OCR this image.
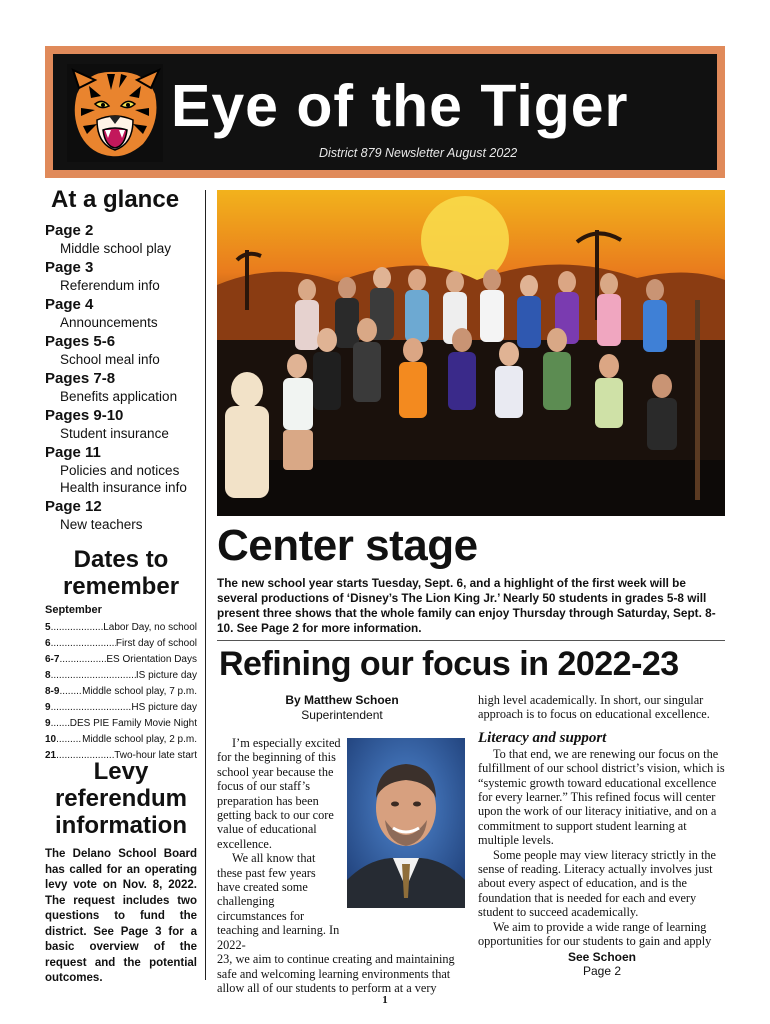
Eye of the Tiger
District 879 Newsletter August 2022
At a glance
Page 2
Middle school play
Page 3
Referendum info
Page 4
Announcements
Pages 5-6
School meal info
Pages 7-8
Benefits application
Pages 9-10
Student insurance
Page 11
Policies and notices
Health insurance info
Page 12
New teachers
Dates to
remember
September
5 .....	Labor Day, no school
6 .....	First day of school
6-7 .....	ES Orientation Days
8 .....	IS picture day
8-9 ..... Middle school play, 7 p.m.
9 .....	HS picture day
9 ..... DES PIE Family Movie Night
10 .....	Middle school play, 2 p.m.
21 .....	Two-hour late start
Levy
referendum
information
The Delano School Board has called for an operating levy vote on Nov. 8, 2022. The request includes two questions to fund the district. See Page 3 for a basic overview of the request and the potential outcomes.
Center stage
The new school year starts Tuesday, Sept. 6, and a highlight of the first week will be several productions of ‘Disney’s The Lion King Jr.’ Nearly 50 students in grades 5-8 will present three shows that the whole family can enjoy Thursday through Saturday, Sept. 8-10. See Page 2 for more information.
Refining our focus in 2022-23
By Matthew Schoen
Superintendent

I’m especially excited for the beginning of this school year because the focus of our staff’s preparation has been getting back to our core value of educational excellence.

We all know that these past few years have created some challenging circumstances for teaching and learning. In 2022-

23, we aim to continue creating and maintaining safe and welcoming learning environments that allow all of our students to perform at a very

high level academically. In short, our singular approach is to focus on educational excellence.

Literacy and support

To that end, we are renewing our focus on the fulfillment of our school district’s vision, which is “systemic growth toward educational excellence for every learner.” This refined focus will center upon the work of our literacy initiative, and on a commitment to support student learning at multiple levels.

Some people may view literacy strictly in the sense of reading. Literacy actually involves just about every aspect of education, and is the foundation that is needed for each and every student to succeed academically.

We aim to provide a wide range of learning opportunities for our students to gain and apply

See Schoen
Page 2
1
